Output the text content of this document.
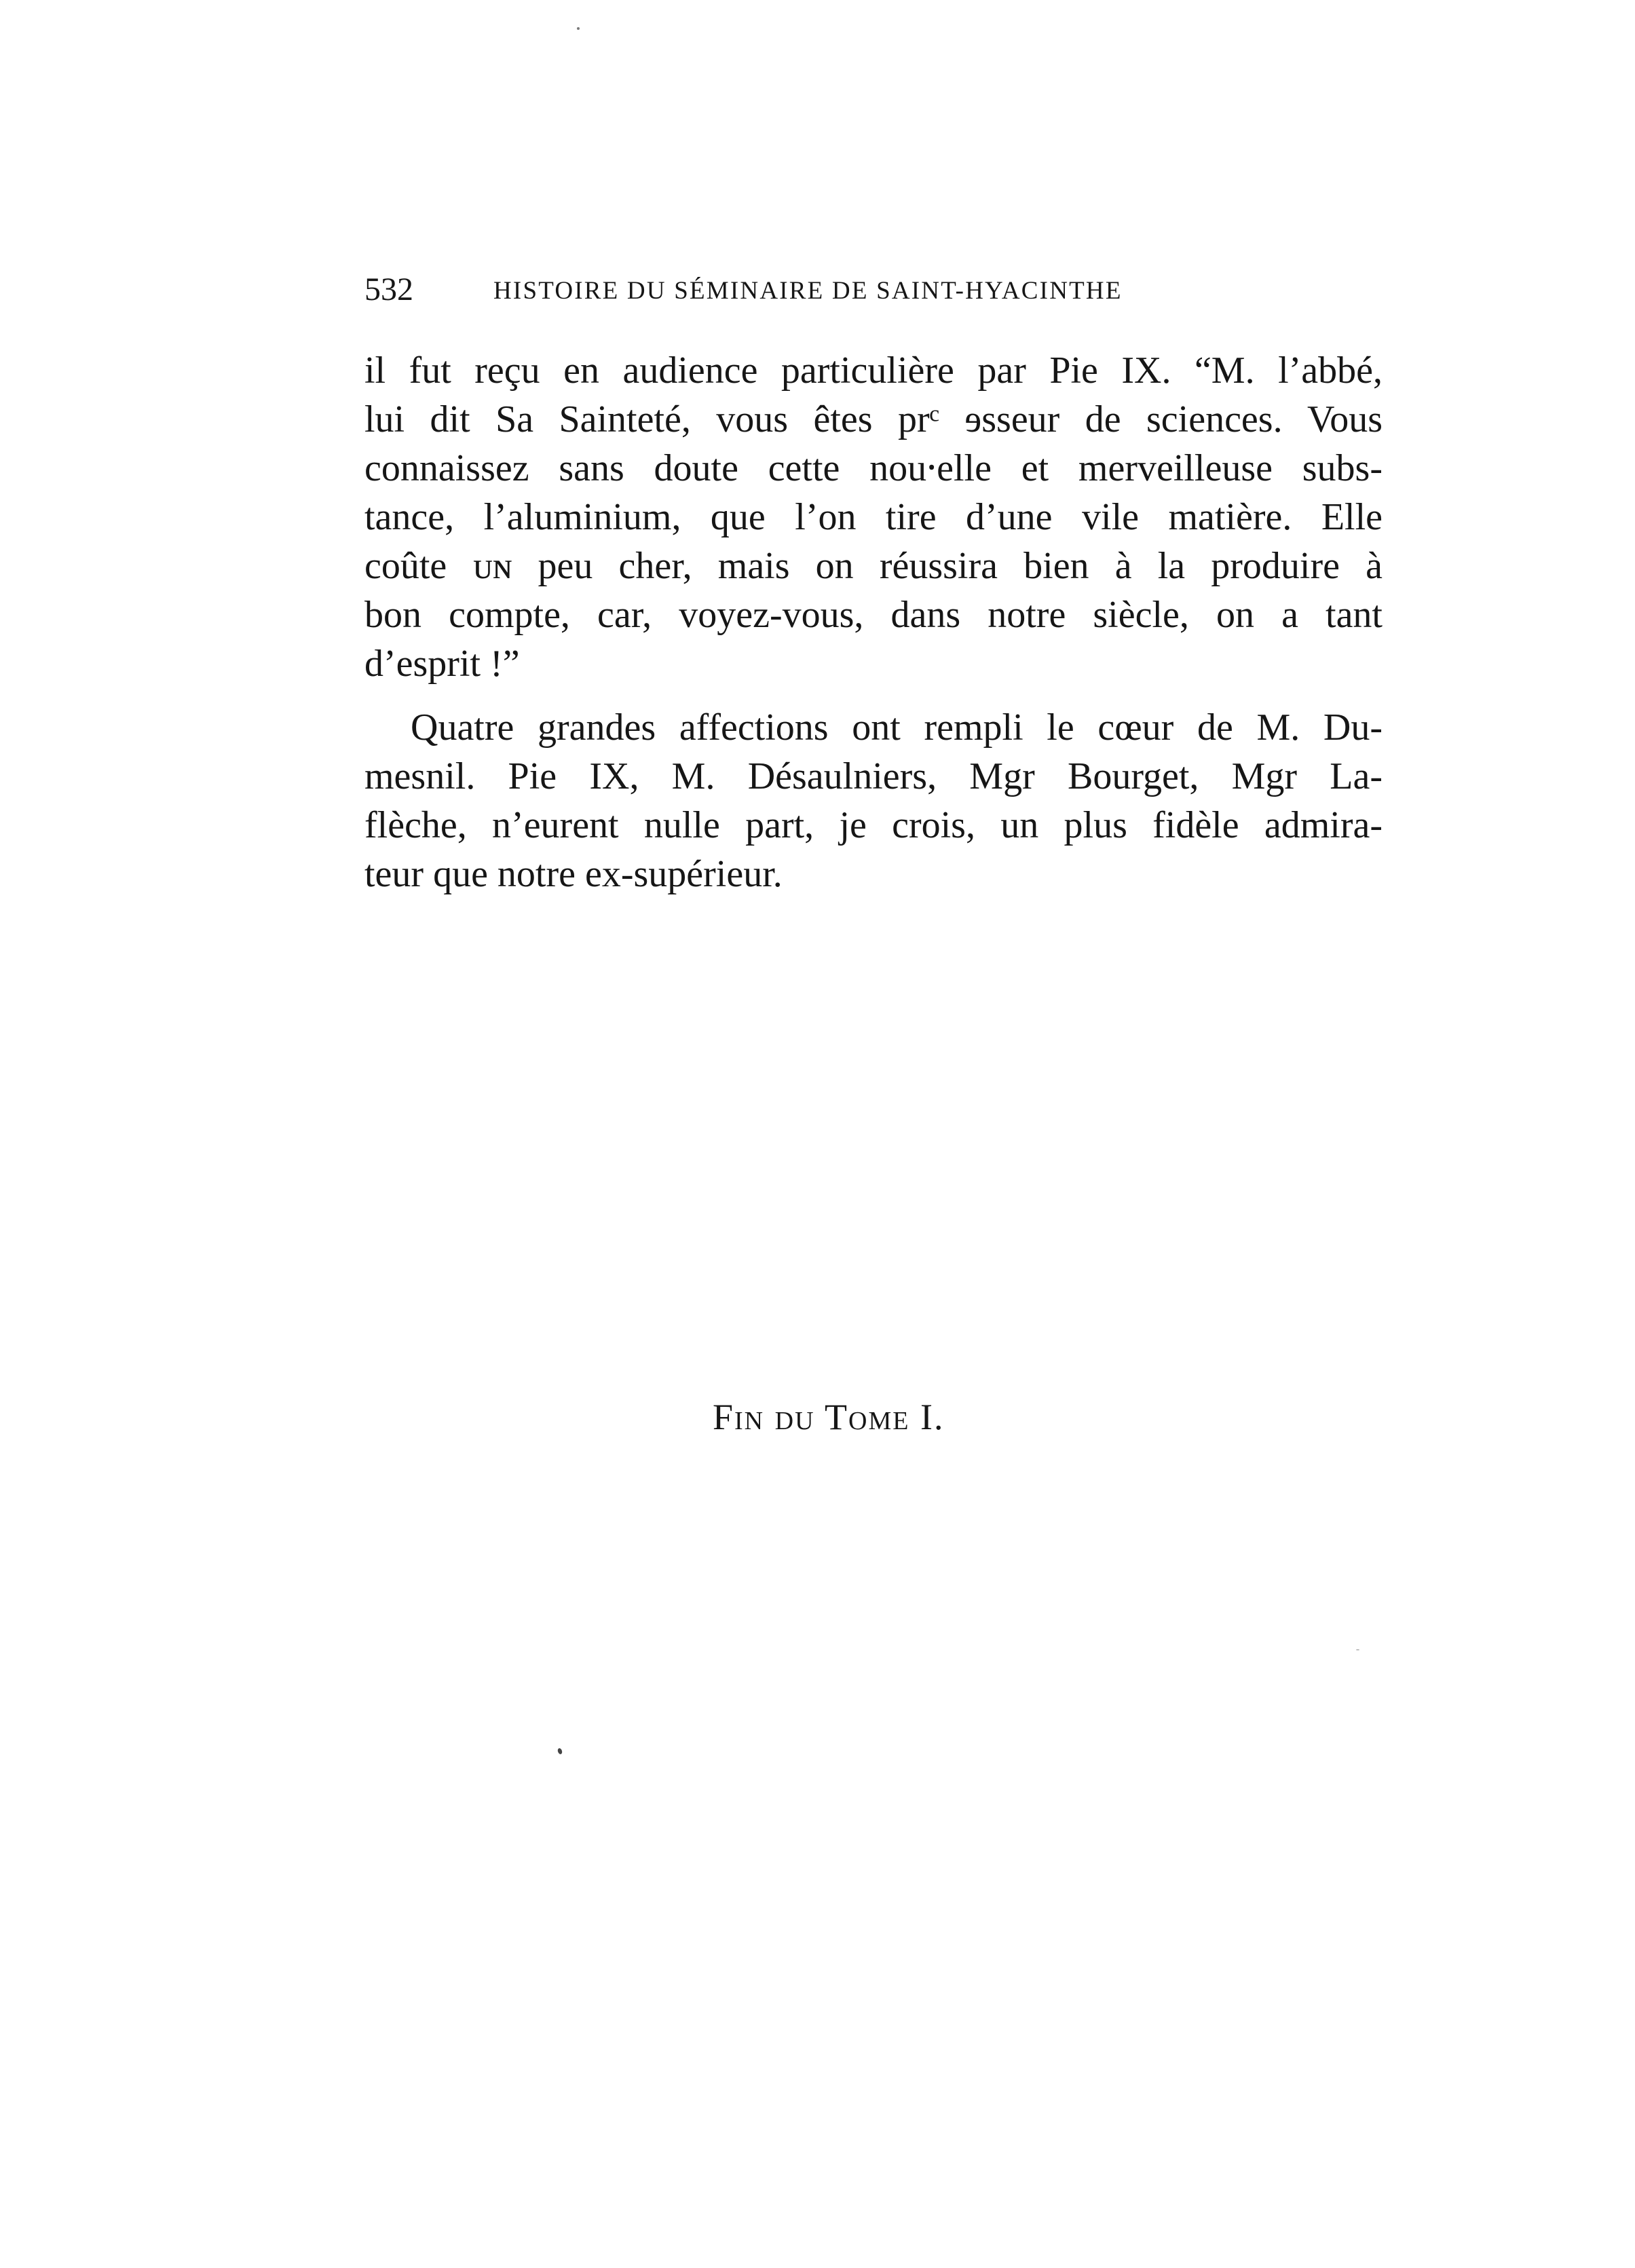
532	HISTOIRE DU SÉMINAIRE DE SAINT-HYACINTHE
il fut reçu en audience particulière par Pie IX. “M. l’abbé,
lui dit Sa Sainteté, vous êtes prᶜ ɘsseur de sciences. Vous
connaissez sans doute cette nou⸱elle et merveilleuse subs-
tance, l’aluminium, que l’on tire d’une vile matière. Elle
coûte ᴜɴ peu cher, mais on réussira bien à la produire à
bon compte, car, voyez-vous, dans notre siècle, on a tant
d’esprit !”
Quatre grandes affections ont rempli le cœur de M. Du-
mesnil. Pie IX, M. Désaulniers, Mgr Bourget, Mgr La-
flèche, n’eurent nulle part, je crois, un plus fidèle admira-
teur que notre ex-supérieur.
Fin du Tome I.
